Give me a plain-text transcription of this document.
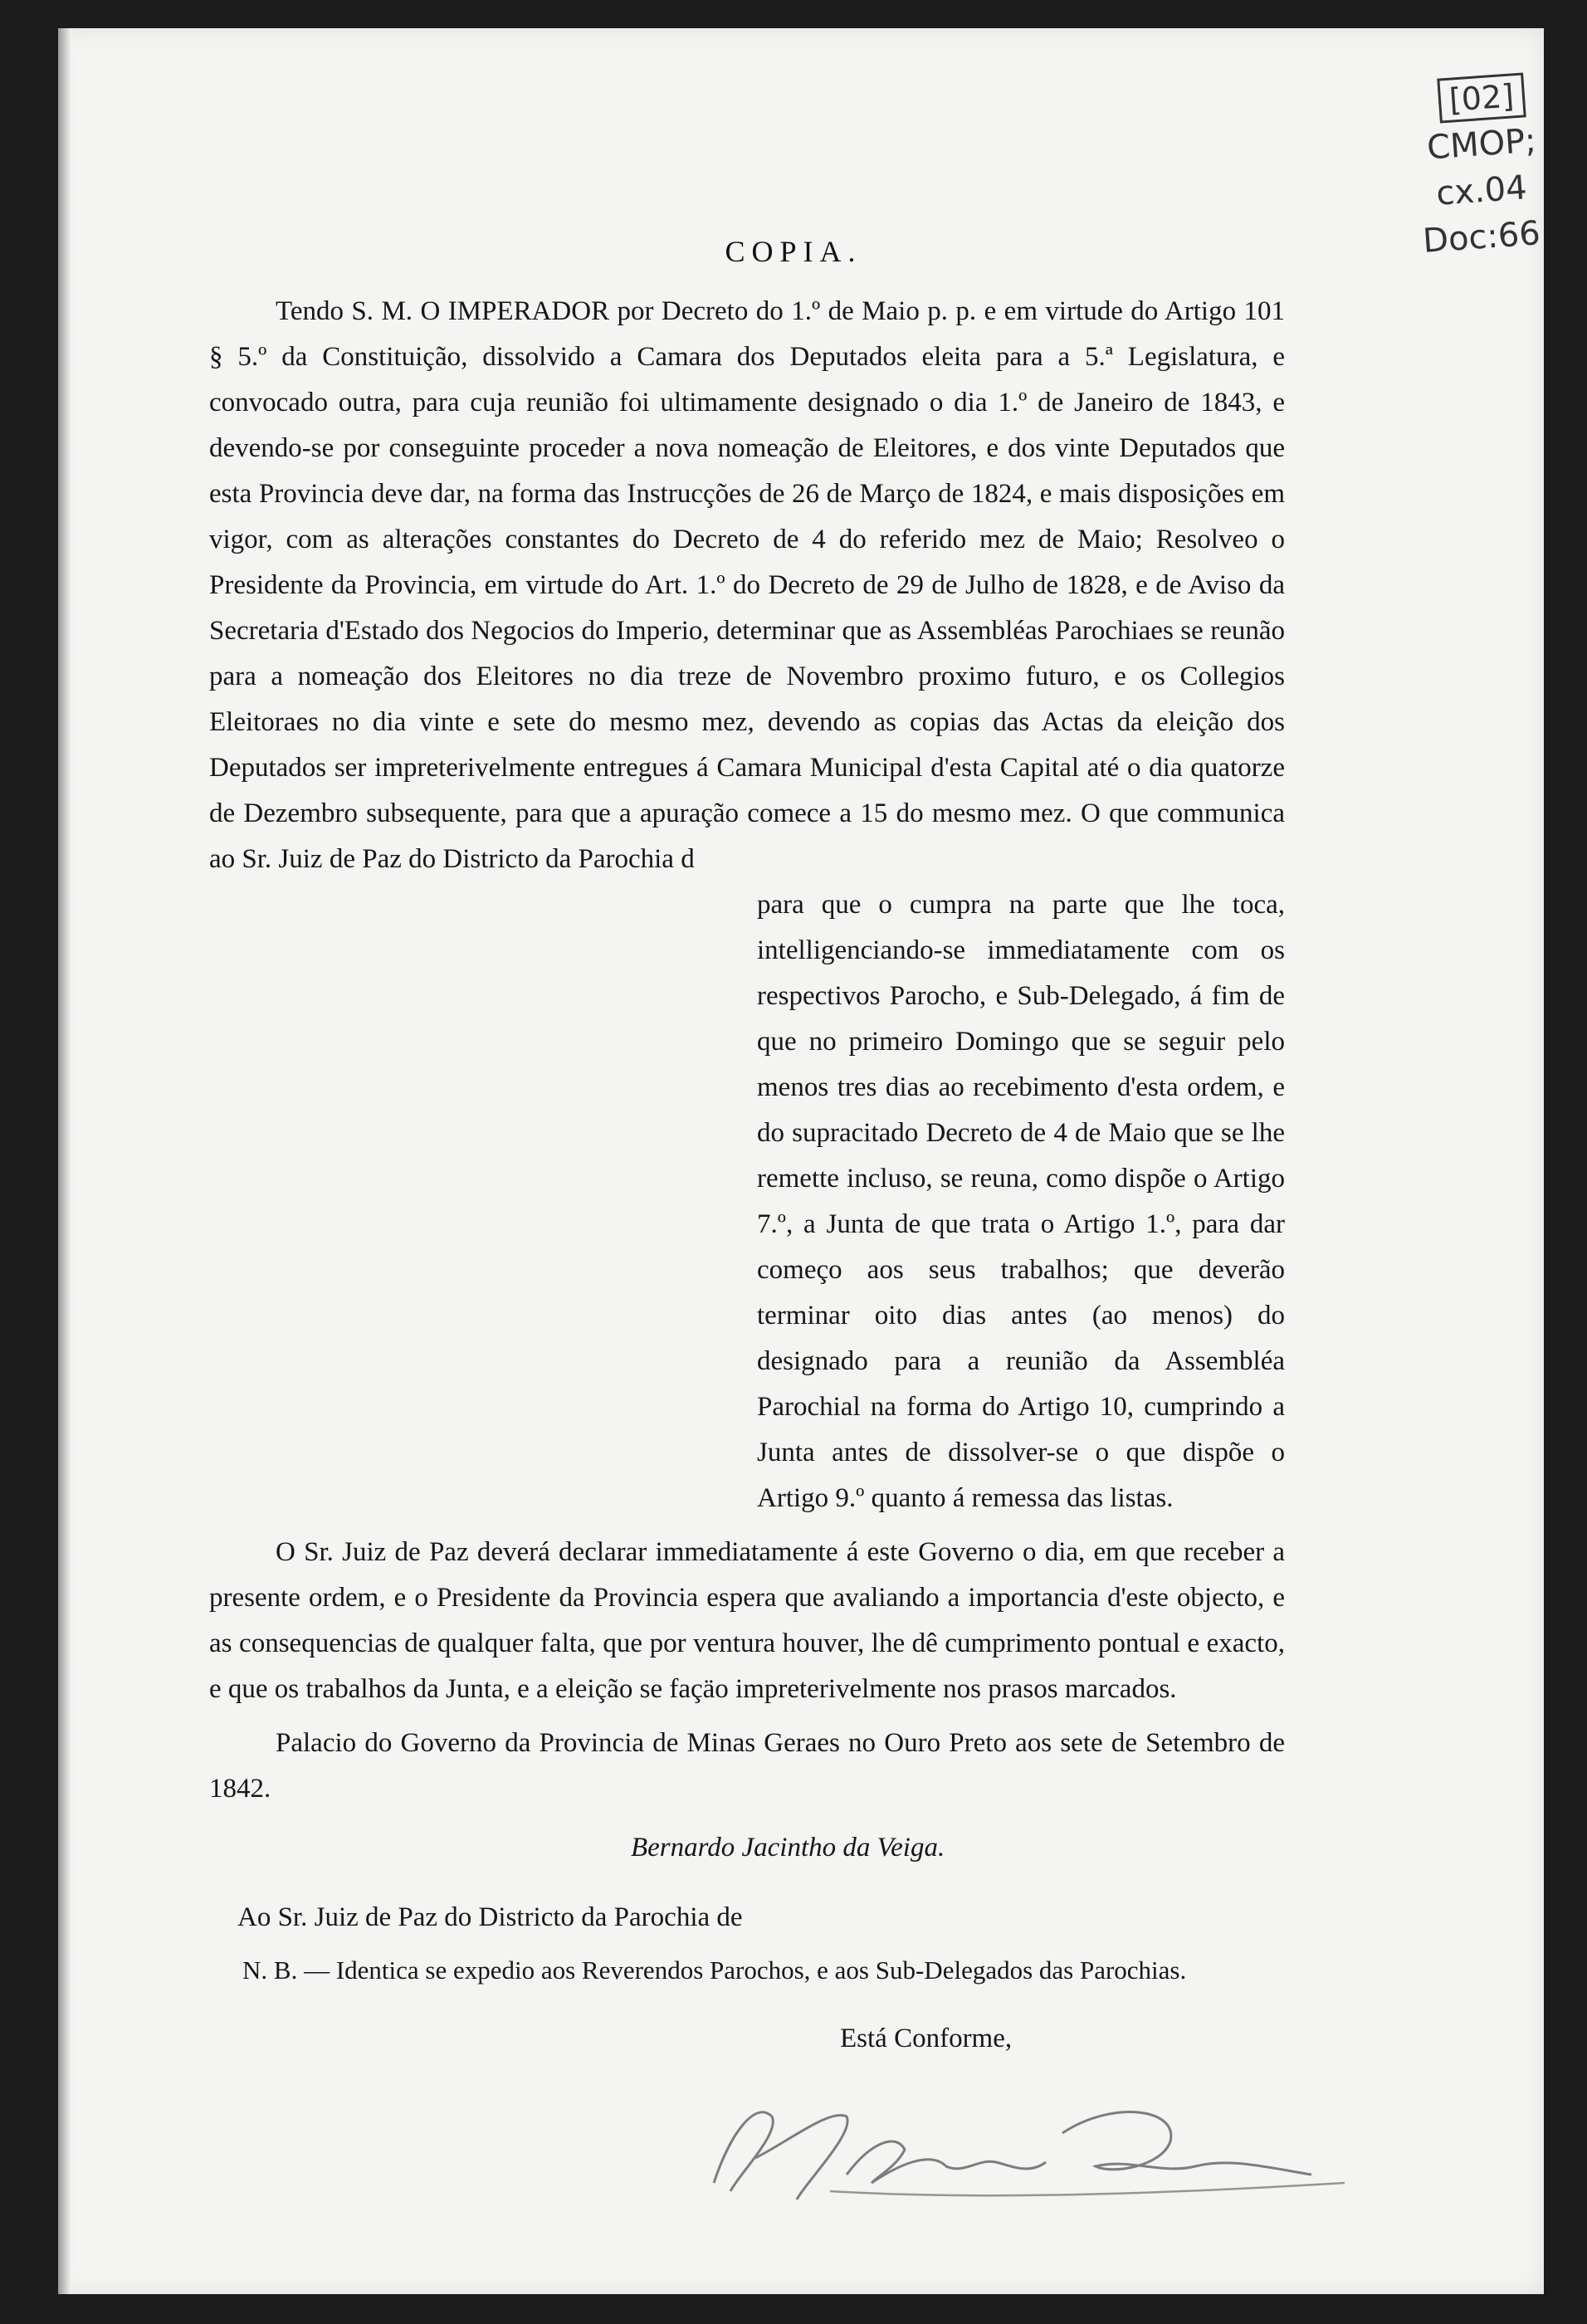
[02]
CMOP;
cx.04
Doc:66
COPIA.

Tendo S. M. O IMPERADOR por Decreto do 1.º de Maio p. p. e em virtude do Artigo 101 § 5.º da Constituição, dissolvido a Camara dos Deputados eleita para a 5.ª Legislatura, e convocado outra, para cuja reunião foi ultimamente designado o dia 1.º de Janeiro de 1843, e devendo-se por conseguinte proceder a nova nomeação de Eleitores, e dos vinte Deputados que esta Provincia deve dar, na forma das Instrucções de 26 de Março de 1824, e mais disposições em vigor, com as alterações constantes do Decreto de 4 do referido mez de Maio; Resolveo o Presidente da Provincia, em virtude do Art. 1.º do Decreto de 29 de Julho de 1828, e de Aviso da Secretaria d'Estado dos Negocios do Imperio, determinar que as Assembléas Parochiaes se reunão para a nomeação dos Eleitores no dia treze de Novembro proximo futuro, e os Collegios Eleitoraes no dia vinte e sete do mesmo mez, devendo as copias das Actas da eleição dos Deputados ser impreterivelmente entregues á Camara Municipal d'esta Capital até o dia quatorze de Dezembro subsequente, para que a apuração comece a 15 do mesmo mez. O que communica ao Sr. Juiz de Paz do Districto da Parochia d

para que o cumpra na parte que lhe toca, intelligenciando-se immediatamente com os respectivos Parocho, e Sub-Delegado, á fim de que no primeiro Domingo que se seguir pelo menos tres dias ao recebimento d'esta ordem, e do supracitado Decreto de 4 de Maio que se lhe remette incluso, se reuna, como dispõe o Artigo 7.º, a Junta de que trata o Artigo 1.º, para dar começo aos seus trabalhos; que deverão terminar oito dias antes (ao menos) do designado para a reunião da Assembléa Parochial na forma do Artigo 10, cumprindo a Junta antes de dissolver-se o que dispõe o Artigo 9.º quanto á remessa das listas.

O Sr. Juiz de Paz deverá declarar immediatamente á este Governo o dia, em que receber a presente ordem, e o Presidente da Provincia espera que avaliando a importancia d'este objecto, e as consequencias de qualquer falta, que por ventura houver, lhe dê cumprimento pontual e exacto, e que os trabalhos da Junta, e a eleição se façäo impreterivelmente nos prasos marcados.

Palacio do Governo da Provincia de Minas Geraes no Ouro Preto aos sete de Setembro de 1842.

Bernardo Jacintho da Veiga.
Ao Sr. Juiz de Paz do Districto da Parochia de

N. B. — Identica se expedio aos Reverendos Parochos, e aos Sub-Delegados das Parochias.

Está Conforme,
